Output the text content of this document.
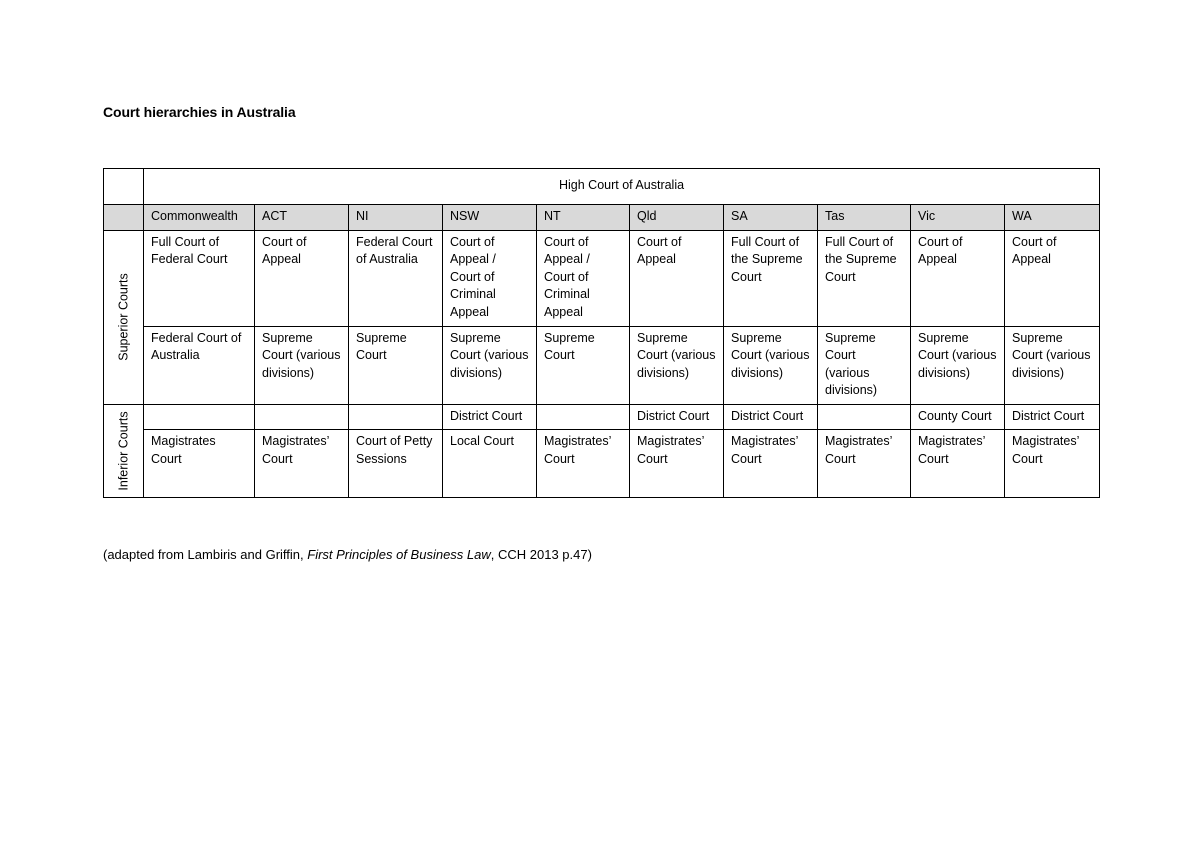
Court hierarchies in Australia
	High Court of Australia									
	Commonwealth	ACT	NI	NSW	NT	Qld	SA	Tas	Vic	WA

Superior Courts	Full Court of Federal Court	Court of Appeal	Federal Court of Australia	Court of Appeal / Court of Criminal Appeal	Court of Appeal / Court of Criminal Appeal	Court of Appeal	Full Court of the Supreme Court	Full Court of the Supreme Court	Court of Appeal	Court of Appeal
	Federal Court of Australia	Supreme Court (various divisions)	Supreme Court	Supreme Court (various divisions)	Supreme Court	Supreme Court (various divisions)	Supreme Court (various divisions)	Supreme Court (various divisions)	Supreme Court (various divisions)	Supreme Court (various divisions)

Inferior Courts				District Court		District Court	District Court		County Court	District Court
	Magistrates Court	Magistrates’ Court	Court of Petty Sessions	Local Court	Magistrates’ Court	Magistrates’ Court	Magistrates’ Court	Magistrates’ Court	Magistrates’ Court	Magistrates’ Court
(adapted from Lambiris and Griffin, First Principles of Business Law, CCH 2013 p.47)
